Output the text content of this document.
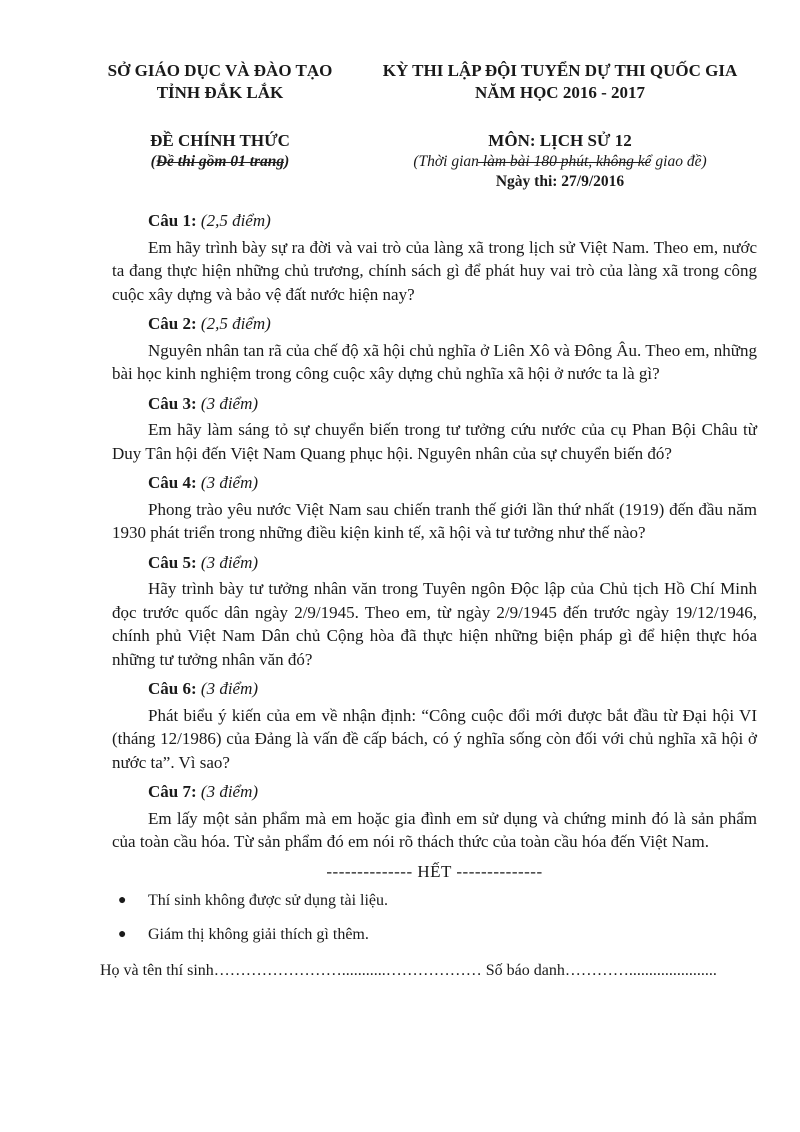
SỞ GIÁO DỤC VÀ ĐÀO TẠO
TỈNH ĐẮK LẮK
ĐỀ CHÍNH THỨC
(Đề thi gồm 01 trang)
KỲ THI LẬP ĐỘI TUYỂN DỰ THI QUỐC GIA
NĂM HỌC 2016 - 2017
MÔN: LỊCH SỬ 12
(Thời gian làm bài 180 phút, không kể giao đề)
Ngày thi: 27/9/2016
Câu 1: (2,5 điểm)

Em hãy trình bày sự ra đời và vai trò của làng xã trong lịch sử Việt Nam. Theo em, nước ta đang thực hiện những chủ trương, chính sách gì để phát huy vai trò của làng xã trong công cuộc xây dựng và bảo vệ đất nước hiện nay?

Câu 2: (2,5 điểm)

Nguyên nhân tan rã của chế độ xã hội chủ nghĩa ở Liên Xô và Đông Âu. Theo em, những bài học kinh nghiệm trong công cuộc xây dựng chủ nghĩa xã hội ở nước ta là gì?

Câu 3: (3 điểm)

Em hãy làm sáng tỏ sự chuyển biến trong tư tưởng cứu nước của cụ Phan Bội Châu từ Duy Tân hội đến Việt Nam Quang phục hội. Nguyên nhân của sự chuyển biến đó?

Câu 4: (3 điểm)

Phong trào yêu nước Việt Nam sau chiến tranh thế giới lần thứ nhất (1919) đến đầu năm 1930 phát triển trong những điều kiện kinh tế, xã hội và tư tưởng như thế nào?

Câu 5: (3 điểm)

Hãy trình bày tư tưởng nhân văn trong Tuyên ngôn Độc lập của Chủ tịch Hồ Chí Minh đọc trước quốc dân ngày 2/9/1945. Theo em, từ ngày 2/9/1945 đến trước ngày 19/12/1946, chính phủ Việt Nam Dân chủ Cộng hòa đã thực hiện những biện pháp gì để hiện thực hóa những tư tưởng nhân văn đó?

Câu 6: (3 điểm)

Phát biểu ý kiến của em về nhận định: “Công cuộc đổi mới được bắt đầu từ Đại hội VI (tháng 12/1986) của Đảng là vấn đề cấp bách, có ý nghĩa sống còn đối với chủ nghĩa xã hội ở nước ta”. Vì sao?

Câu 7: (3 điểm)

Em lấy một sản phẩm mà em hoặc gia đình em sử dụng và chứng minh đó là sản phẩm của toàn cầu hóa. Từ sản phẩm đó em nói rõ thách thức của toàn cầu hóa đến Việt Nam.

-------------- HẾT --------------
● Thí sinh không được sử dụng tài liệu.
● Giám thị không giải thích gì thêm.
Họ và tên thí sinh……………………...........……………… Số báo danh…………......................
